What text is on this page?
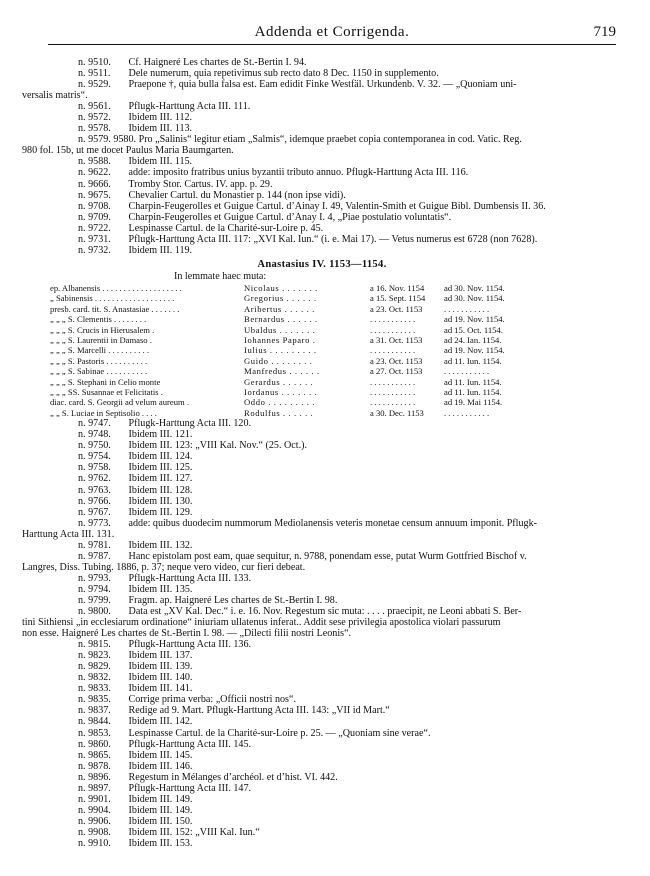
Addenda et Corrigenda.	719
n. 9510. Cf. Haigneré Les chartes de St.-Bertin I. 94.
n. 9511. Dele numerum, quia repetivimus sub recto dato 8 Dec. 1150 in supplemento.
n. 9529. Praepone †, quia bulla falsa est. Eam edidit Finke Westfäl. Urkundenb. V. 32. — „Quoniam uni-
versalis matris“.
n. 9561. Pflugk-Harttung Acta III. 111.
n. 9572. Ibidem III. 112.
n. 9578. Ibidem III. 113.
n. 9579. 9580. Pro „Salinis“ legitur etiam „Salmis“, idemque praebet copia contemporanea in cod. Vatic. Reg.
980 fol. 15b, ut me docet Paulus Maria Baumgarten.
n. 9588. Ibidem III. 115.
n. 9622. adde: imposito fratribus unius byzantii tributo annuo. Pflugk-Harttung Acta III. 116.
n. 9666. Tromby Stor. Cartus. IV. app. p. 29.
n. 9675. Chevalier Cartul. du Monastier p. 144 (non ipse vidi).
n. 9708. Charpin-Feugerolles et Guigue Cartul. d’Ainay I. 49, Valentin-Smith et Guigue Bibl. Dumbensis II. 36.
n. 9709. Charpin-Feugerolles et Guigue Cartul. d’Anay I. 4, „Piae postulatio voluntatis“.
n. 9722. Lespinasse Cartul. de la Charité-sur-Loire p. 45.
n. 9731. Pflugk-Harttung Acta III. 117: „XVI Kal. Iun.“ (i. e. Mai 17). — Vetus numerus est 6728 (non 7628).
n. 9732. Ibidem III. 119.
Anastasius IV. 1153—1154.
In lemmate haec muta:
ep. Albanensis . . . . . . . . . . . . . . . . . . .	Nicolaus . . . . . . .	a 16. Nov. 1154	ad 30. Nov. 1154.
„ Sabinensis . . . . . . . . . . . . . . . . . . .	Gregorius . . . . . .	a 15. Sept. 1154	ad 30. Nov. 1154.
presb. card. tit. S. Anastasiae . . . . . . .	Aribertus . . . . . .	a 23. Oct. 1153	. . . . . . . . . . .
„ „ „ S. Clementis . . . . . . . .	Bernardus . . . . . .	. . . . . . . . . . .	ad 19. Nov. 1154.
„ „ „ S. Crucis in Hierusalem .	Ubaldus . . . . . . .	. . . . . . . . . . .	ad 15. Oct. 1154.
„ „ „ S. Laurentii in Damaso .	Iohannes Paparo .	a 31. Oct. 1153	ad 24. Ian. 1154.
„ „ „ S. Marcelli . . . . . . . . . .	Iulius . . . . . . . . .	. . . . . . . . . . .	ad 19. Nov. 1154.
„ „ „ S. Pastoris . . . . . . . . . .	Guido . . . . . . . .	a 23. Oct. 1153	ad 11. Iun. 1154.
„ „ „ S. Sabinae . . . . . . . . . .	Manfredus . . . . . .	a 27. Oct. 1153	. . . . . . . . . . .
„ „ „ S. Stephani in Celio monte	Gerardus . . . . . .	. . . . . . . . . . .	ad 11. Iun. 1154.
„ „ „ SS. Susannae et Felicitatis .	Iordanus . . . . . . .	. . . . . . . . . . .	ad 11. Iun. 1154.
diac. card. S. Georgii ad velum aureum .	Oddo . . . . . . . . .	. . . . . . . . . . .	ad 19. Mai 1154.
„ „ S. Luciae in Septisolio . . . .	Rodulfus . . . . . .	a 30. Dec. 1153	. . . . . . . . . . .
n. 9747. Pflugk-Harttung Acta III. 120.
n. 9748. Ibidem III. 121.
n. 9750. Ibidem III. 123: „VIII Kal. Nov.“ (25. Oct.).
n. 9754. Ibidem III. 124.
n. 9758. Ibidem III. 125.
n. 9762. Ibidem III. 127.
n. 9763. Ibidem III. 128.
n. 9766. Ibidem III. 130.
n. 9767. Ibidem III. 129.
n. 9773. adde: quibus duodecim nummorum Mediolanensis veteris monetae censum annuum imponit. Pflugk-
Harttung Acta III. 131.
n. 9781. Ibidem III. 132.
n. 9787. Hanc epistolam post eam, quae sequitur, n. 9788, ponendam esse, putat Wurm Gottfried Bischof v.
Langres, Diss. Tubing. 1886, p. 37; neque vero video, cur fieri debeat.
n. 9793. Pflugk-Harttung Acta III. 133.
n. 9794. Ibidem III. 135.
n. 9799. Fragm. ap. Haigneré Les chartes de St.-Bertin I. 98.
n. 9800. Data est „XV Kal. Dec.“ i. e. 16. Nov. Regestum sic muta: . . . . praecipit, ne Leoni abbati S. Ber-
tini Sithiensi „in ecclesiarum ordinatione“ iniuriam ullatenus inferat.. Addit sese privilegia apostolica violari passurum
non esse. Haigneré Les chartes de St.-Bertin I. 98. — „Dilecti filii nostri Leonis“.
n. 9815. Pflugk-Harttung Acta III. 136.
n. 9823. Ibidem III. 137.
n. 9829. Ibidem III. 139.
n. 9832. Ibidem III. 140.
n. 9833. Ibidem III. 141.
n. 9835. Corrige prima verba: „Officii nostri nos“.
n. 9837. Redige ad 9. Mart. Pflugk-Harttung Acta III. 143: „VII id Mart.“
n. 9844. Ibidem III. 142.
n. 9853. Lespinasse Cartul. de la Charité-sur-Loire p. 25. — „Quoniam sine verae“.
n. 9860. Pflugk-Harttung Acta III. 145.
n. 9865. Ibidem III. 145.
n. 9878. Ibidem III. 146.
n. 9896. Regestum in Mélanges d’archéol. et d’hist. VI. 442.
n. 9897. Pflugk-Harttung Acta III. 147.
n. 9901. Ibidem III. 149.
n. 9904. Ibidem III. 149.
n. 9906. Ibidem III. 150.
n. 9908. Ibidem III. 152: „VIII Kal. Iun.“
n. 9910. Ibidem III. 153.
